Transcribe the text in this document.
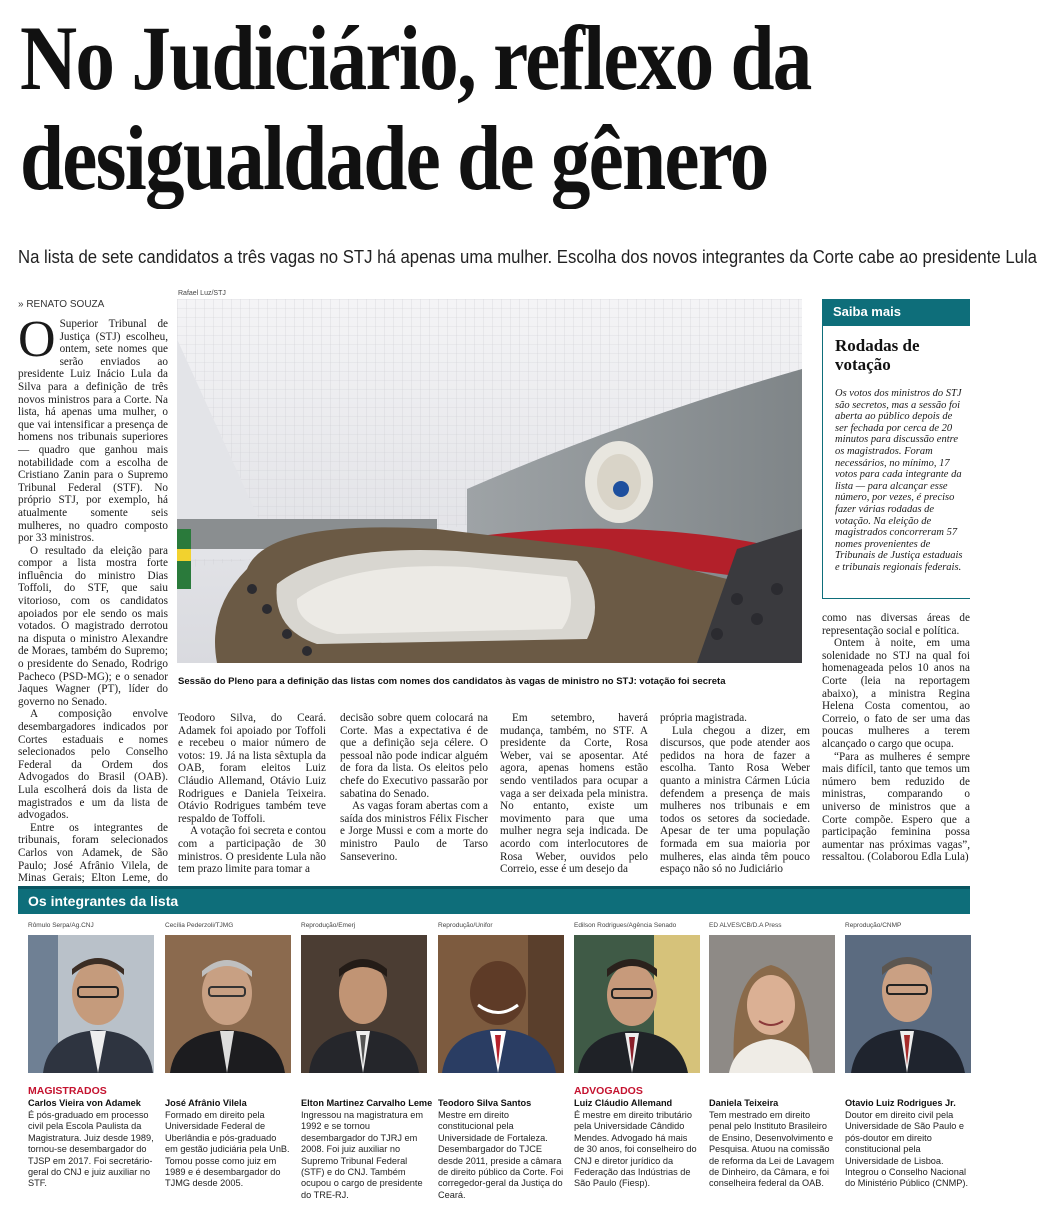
No Judiciário, reflexo da
desigualdade de gênero
Na lista de sete candidatos a três vagas no STJ há apenas uma mulher. Escolha dos novos integrantes da Corte cabe ao presidente Lula
» RENATO SOUZA
Rafael Luz/STJ

O Superior Tribunal de Justiça (STJ) escolheu, ontem, sete nomes que serão enviados ao presidente Luiz Inácio Lula da Silva para a definição de três novos ministros para a Corte. Na lista, há apenas uma mulher, o que vai intensificar a presença de homens nos tribunais superiores — quadro que ganhou mais notabilidade com a escolha de Cristiano Zanin para o Supremo Tribunal Federal (STF). No próprio STJ, por exemplo, há atualmente somente seis mulheres, no quadro composto por 33 ministros.

O resultado da eleição para compor a lista mostra forte influência do ministro Dias Toffoli, do STF, que saiu vitorioso, com os candidatos apoiados por ele sendo os mais votados. O magistrado derrotou na disputa o ministro Alexandre de Moraes, também do Supremo; o presidente do Senado, Rodrigo Pacheco (PSD-MG); e o senador Jaques Wagner (PT), líder do governo no Senado.

A composição envolve desembargadores indicados por Cortes estaduais e nomes selecionados pelo Conselho Federal da Ordem dos Advogados do Brasil (OAB). Lula escolherá dois da lista de magistrados e um da lista de advogados.

Entre os integrantes de tribunais, foram selecionados Carlos von Adamek, de São Paulo; José Afrânio Vilela, de Minas Gerais; Elton Leme, do

Sessão do Pleno para a definição das listas com nomes dos candidatos às vagas de ministro no STJ: votação foi secreta
Saiba mais
Rodadas de votação
Os votos dos ministros do STJ são secretos, mas a sessão foi aberta ao público depois de ser fechada por cerca de 20 minutos para discussão entre os magistrados. Foram necessários, no mínimo, 17 votos para cada integrante da lista — para alcançar esse número, por vezes, é preciso fazer várias rodadas de votação. Na eleição de magistrados concorreram 57 nomes provenientes de Tribunais de Justiça estaduais e tribunais regionais federais.

Teodoro Silva, do Ceará. Adamek foi apoiado por Toffoli e recebeu o maior número de votos: 19. Já na lista sêxtupla da OAB, foram eleitos Luiz Cláudio Allemand, Otávio Luiz Rodrigues e Daniela Teixeira. Otávio Rodrigues também teve respaldo de Toffoli.

A votação foi secreta e contou com a participação de 30 ministros. O presidente Lula não tem prazo limite para tomar a

decisão sobre quem colocará na Corte. Mas a expectativa é de que a definição seja célere. O pessoal não pode indicar alguém de fora da lista. Os eleitos pelo chefe do Executivo passarão por sabatina do Senado.

As vagas foram abertas com a saída dos ministros Félix Fischer e Jorge Mussi e com a morte do ministro Paulo de Tarso Sanseverino.

Em setembro, haverá mudança, também, no STF. A presidente da Corte, Rosa Weber, vai se aposentar. Até agora, apenas homens estão sendo ventilados para ocupar a vaga a ser deixada pela ministra. No entanto, existe um movimento para que uma mulher negra seja indicada. De acordo com interlocutores de Rosa Weber, ouvidos pelo Correio, esse é um desejo da

própria magistrada.

Lula chegou a dizer, em discursos, que pode atender aos pedidos na hora de fazer a escolha. Tanto Rosa Weber quanto a ministra Cármen Lúcia defendem a presença de mais mulheres nos tribunais e em todos os setores da sociedade. Apesar de ter uma população formada em sua maioria por mulheres, elas ainda têm pouco espaço não só no Judiciário

como nas diversas áreas de representação social e política.

Ontem à noite, em uma solenidade no STJ na qual foi homenageada pelos 10 anos na Corte (leia na reportagem abaixo), a ministra Regina Helena Costa comentou, ao Correio, o fato de ser uma das poucas mulheres a terem alcançado o cargo que ocupa.

“Para as mulheres é sempre mais difícil, tanto que temos um número bem reduzido de ministras, comparando o universo de ministros que a Corte compõe. Espero que a participação feminina possa aumentar nas próximas vagas”, ressaltou. (Colaborou Edla Lula)

Os integrantes da lista
Rômulo Serpa/Ag.CNJ
MAGISTRADOS
Carlos Vieira von Adamek
É pós-graduado em processo civil pela Escola Paulista da Magistratura. Juiz desde 1989, tornou-se desembargador do TJSP em 2017. Foi secretário-geral do CNJ e juiz auxiliar no STF.
Cecília Pederzoli/TJMG
José Afrânio Vilela
Formado em direito pela Universidade Federal de Uberlândia e pós-graduado em gestão judiciária pela UnB. Tomou posse como juiz em 1989 e é desembargador do TJMG desde 2005.
Reprodução/Emerj
Elton Martinez Carvalho Leme
Ingressou na magistratura em 1992 e se tornou desembargador do TJRJ em 2008. Foi juiz auxiliar no Supremo Tribunal Federal (STF) e do CNJ. Também ocupou o cargo de presidente do TRE-RJ.
Reprodução/Unifor
Teodoro Silva Santos
Mestre em direito constitucional pela Universidade de Fortaleza. Desembargador do TJCE desde 2011, preside a câmara de direito público da Corte. Foi corregedor-geral da Justiça do Ceará.
Edilson Rodrigues/Agência Senado
ADVOGADOS
Luiz Cláudio Allemand
É mestre em direito tributário pela Universidade Cândido Mendes. Advogado há mais de 30 anos, foi conselheiro do CNJ e diretor jurídico da Federação das Indústrias de São Paulo (Fiesp).
ED ALVES/CB/D.A Press
Daniela Teixeira
Tem mestrado em direito penal pelo Instituto Brasileiro de Ensino, Desenvolvimento e Pesquisa. Atuou na comissão de reforma da Lei de Lavagem de Dinheiro, da Câmara, e foi conselheira federal da OAB.
Reprodução/CNMP
Otavio Luiz Rodrigues Jr.
Doutor em direito civil pela Universidade de São Paulo e pós-doutor em direito constitucional pela Universidade de Lisboa. Integrou o Conselho Nacional do Ministério Público (CNMP).
